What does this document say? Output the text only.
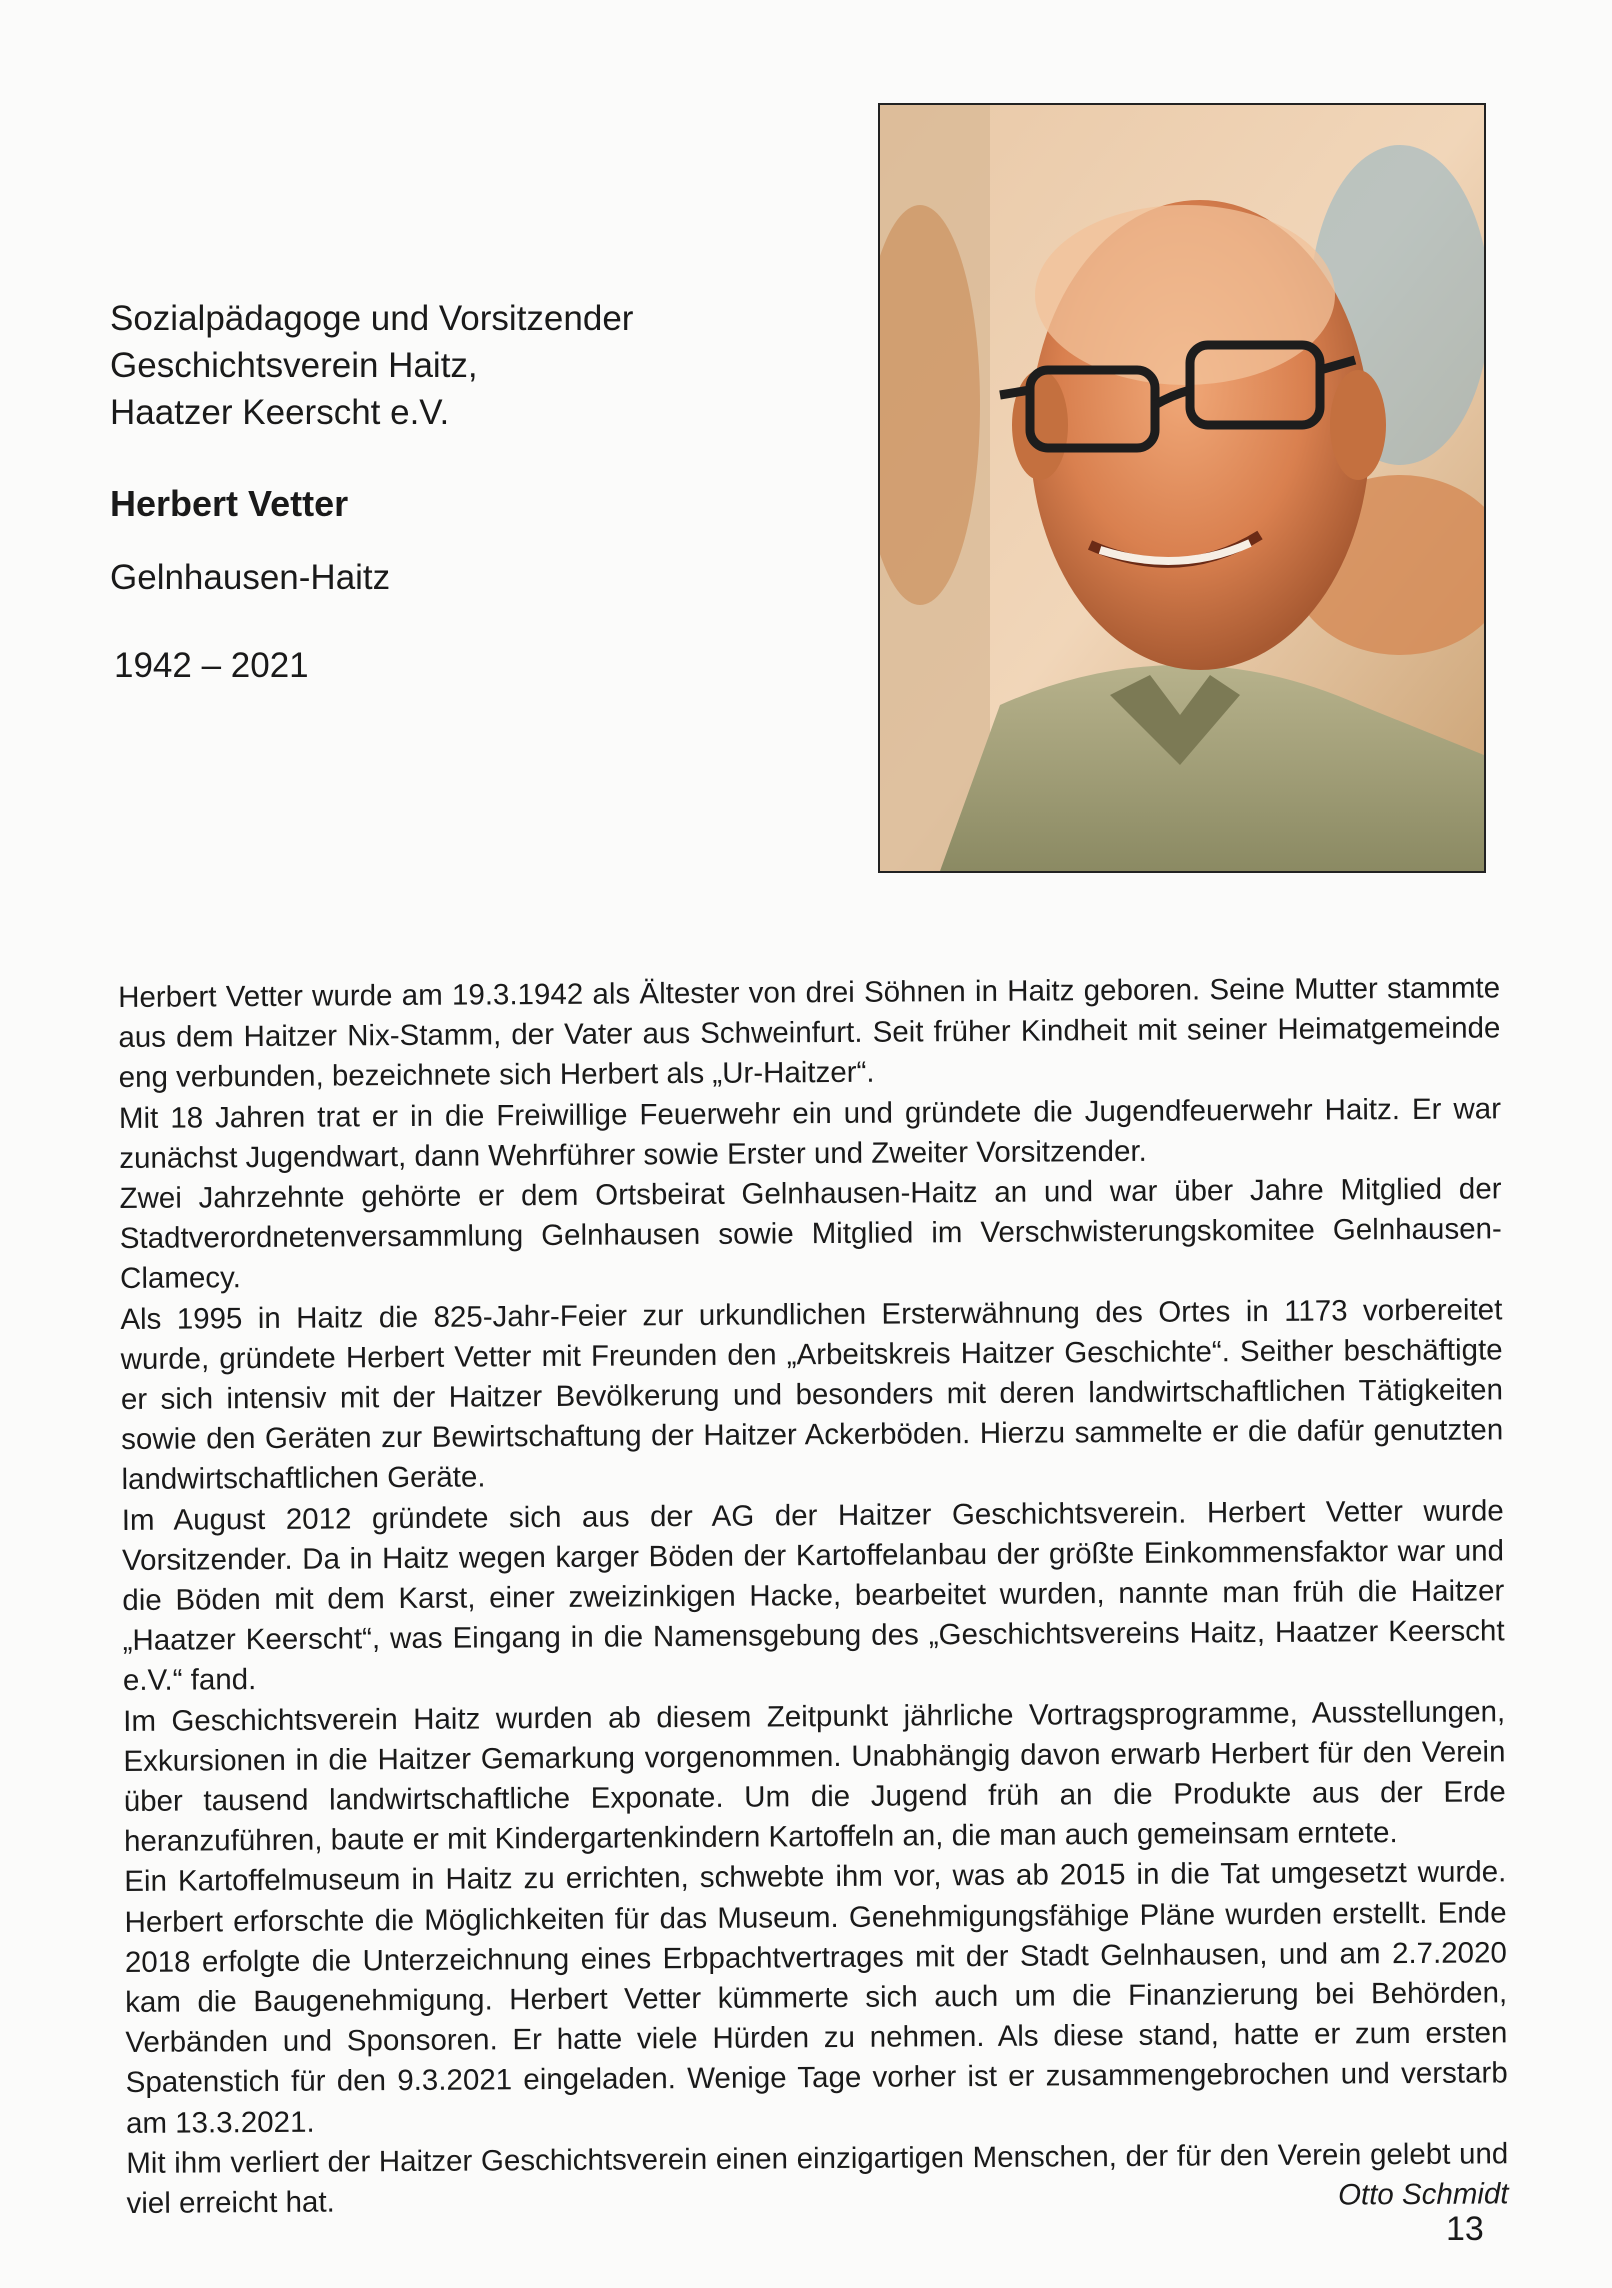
Sozialpädagoge und Vorsitzender

Geschichtsverein Haitz,

Haatzer Keerscht e.V.

Herbert Vetter

Gelnhausen-Haitz

1942 – 2021

Herbert Vetter wurde am 19.3.1942 als Ältester von drei Söhnen in Haitz geboren. Seine Mutter stammte aus dem Haitzer Nix-Stamm, der Vater aus Schweinfurt. Seit früher Kindheit mit seiner Heimatgemeinde eng verbunden, bezeichnete sich Herbert als „Ur-Haitzer“.

Mit 18 Jahren trat er in die Freiwillige Feuerwehr ein und gründete die Jugendfeuerwehr Haitz. Er war zunächst Jugendwart, dann Wehrführer sowie Erster und Zweiter Vorsitzender.

Zwei Jahrzehnte gehörte er dem Ortsbeirat Gelnhausen-Haitz an und war über Jahre Mitglied der Stadtverordnetenversammlung Gelnhausen sowie Mitglied im Verschwisterungskomitee Gelnhausen-Clamecy.

Als 1995 in Haitz die 825-Jahr-Feier zur urkundlichen Ersterwähnung des Ortes in 1173 vorbereitet wurde, gründete Herbert Vetter mit Freunden den „Arbeitskreis Haitzer Geschichte“. Seither beschäftigte er sich intensiv mit der Haitzer Bevölkerung und besonders mit deren landwirtschaftlichen Tätigkeiten sowie den Geräten zur Bewirtschaftung der Haitzer Ackerböden. Hierzu sammelte er die dafür genutzten landwirtschaftlichen Geräte.

Im August 2012 gründete sich aus der AG der Haitzer Geschichtsverein. Herbert Vetter wurde Vorsitzender. Da in Haitz wegen karger Böden der Kartoffelanbau der größte Einkommensfaktor war und die Böden mit dem Karst, einer zweizinkigen Hacke, bearbeitet wurden, nannte man früh die Haitzer „Haatzer Keerscht“, was Eingang in die Namensgebung des „Geschichtsvereins Haitz, Haatzer Keerscht e.V.“ fand.

Im Geschichtsverein Haitz wurden ab diesem Zeitpunkt jährliche Vortragsprogramme, Ausstellungen, Exkursionen in die Haitzer Gemarkung vorgenommen. Unabhängig davon erwarb Herbert für den Verein über tausend landwirtschaftliche Exponate. Um die Jugend früh an die Produkte aus der Erde heranzuführen, baute er mit Kindergartenkindern Kartoffeln an, die man auch gemeinsam erntete.

Ein Kartoffelmuseum in Haitz zu errichten, schwebte ihm vor, was ab 2015 in die Tat umgesetzt wurde. Herbert erforschte die Möglichkeiten für das Museum. Genehmigungsfähige Pläne wurden erstellt. Ende 2018 erfolgte die Unterzeichnung eines Erbpachtvertrages mit der Stadt Gelnhausen, und am 2.7.2020 kam die Baugenehmigung. Herbert Vetter kümmerte sich auch um die Finanzierung bei Behörden, Verbänden und Sponsoren. Er hatte viele Hürden zu nehmen. Als diese stand, hatte er zum ersten Spatenstich für den 9.3.2021 eingeladen. Wenige Tage vorher ist er zusammengebrochen und verstarb am 13.3.2021.

Mit ihm verliert der Haitzer Geschichtsverein einen einzigartigen Menschen, der für den Verein gelebt und viel erreicht hat.	Otto Schmidt
13
